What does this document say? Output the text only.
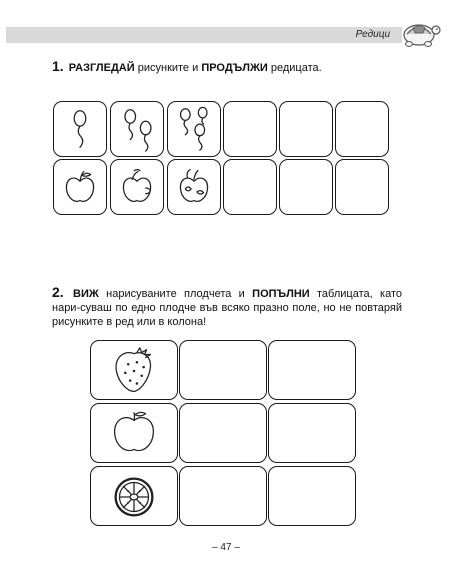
Редици
1. РАЗГЛЕДАЙ рисунките и ПРОДЪЛЖИ редицата.
2. ВИЖ нарисуваните плодчета и ПОПЪЛНИ таблицата, като нари-суваш по едно плодче във всяко празно поле, но не повтаряй рисунките в ред или в колона!
– 47 –
